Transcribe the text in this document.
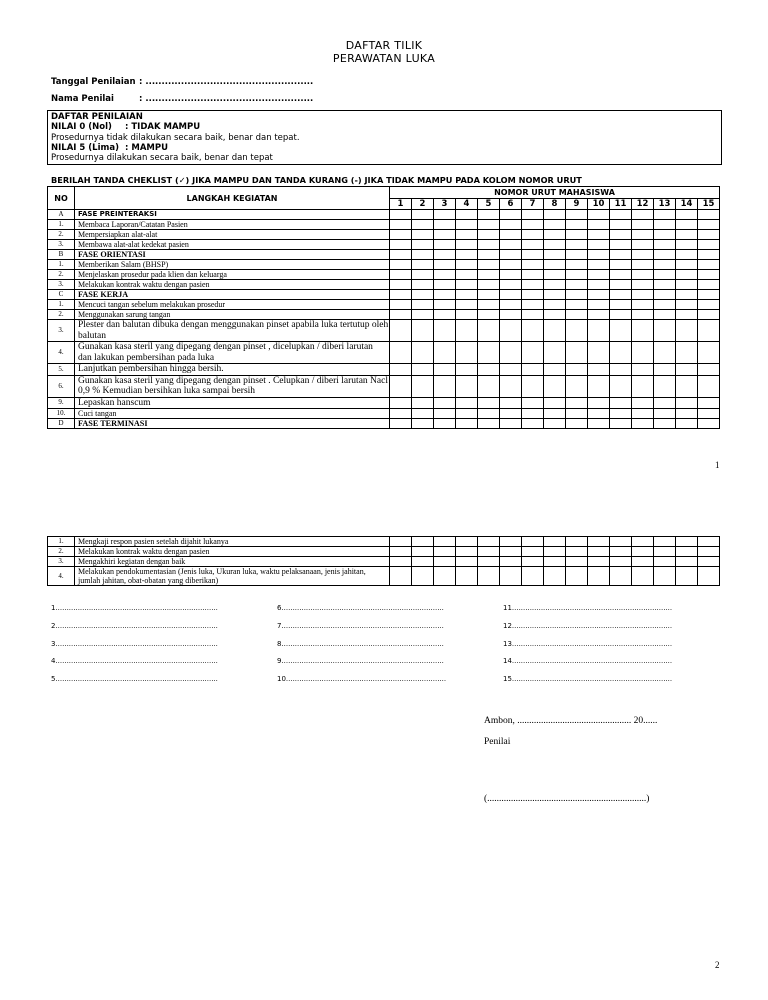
DAFTAR TILIK
PERAWATAN LUKA
Tanggal Penilaian : ....................................................
Nama Penilai	: ....................................................
DAFTAR PENILAIAN
NILAI 0 (Nol) : TIDAK MAMPU
Prosedurnya tidak dilakukan secara baik, benar dan tepat.
NILAI 5 (Lima) : MAMPU
Prosedurnya dilakukan secara baik, benar dan tepat
BERILAH TANDA CHEKLIST (✓) JIKA MAMPU DAN TANDA KURANG (-) JIKA TIDAK MAMPU PADA KOLOM NOMOR URUT
NO	LANGKAH KEGIATAN	NOMOR URUT MAHASISWA														
		1	2	3	4	5	6	7	8	9	10	11	12	13	14	15
A	FASE PREINTERAKSI															
1.	Membaca Laporan/Catatan Pasien															
2.	Mempersiapkan alat-alat															
3.	Membawa alat-alat kedekat pasien															
B	FASE ORIENTASI															
1.	Memberikan Salam (BHSP)															
2.	Menjelaskan prosedur pada klien dan keluarga															
3.	Melakukan kontrak waktu dengan pasien															
C	FASE KERJA															
1.	Mencuci tangan sebelum melakukan prosedur															
2.	Menggunakan sarung tangan															
3.	Plester dan balutan dibuka dengan menggunakan pinset apabila luka tertutup oleh balutan															
4.	Gunakan kasa steril yang dipegang dengan pinset , dicelupkan / diberi larutan dan lakukan pembersihan pada luka															
5.	Lanjutkan pembersihan hingga bersih.															
6.	Gunakan kasa steril yang dipegang dengan pinset . Celupkan / diberi larutan Nacl 0,9 % Kemudian bersihkan luka sampai bersih															
9.	Lepaskan hanscum															
10.	Cuci tangan															
D	FASE TERMINASI															
1
1.	Mengkaji respon pasien setelah dijahit lukanya															
2.	Melakukan kontrak waktu dengan pasien															
3.	Mengakhiri kegiatan dengan baik															
4.	Melakukan pendokumentasian (Jenis luka, Ukuran luka, waktu pelaksanaan, jenis jahitan, jumlah jahitan, obat-obatan yang diberikan)															
1.........................................................................
2.........................................................................
3.........................................................................
4.........................................................................
5.........................................................................
6.........................................................................
7.........................................................................
8.........................................................................
9.........................................................................
10........................................................................
11........................................................................
12........................................................................
13........................................................................
14........................................................................
15........................................................................
Ambon, ................................................ 20......
Penilai
(...................................................................)
2
